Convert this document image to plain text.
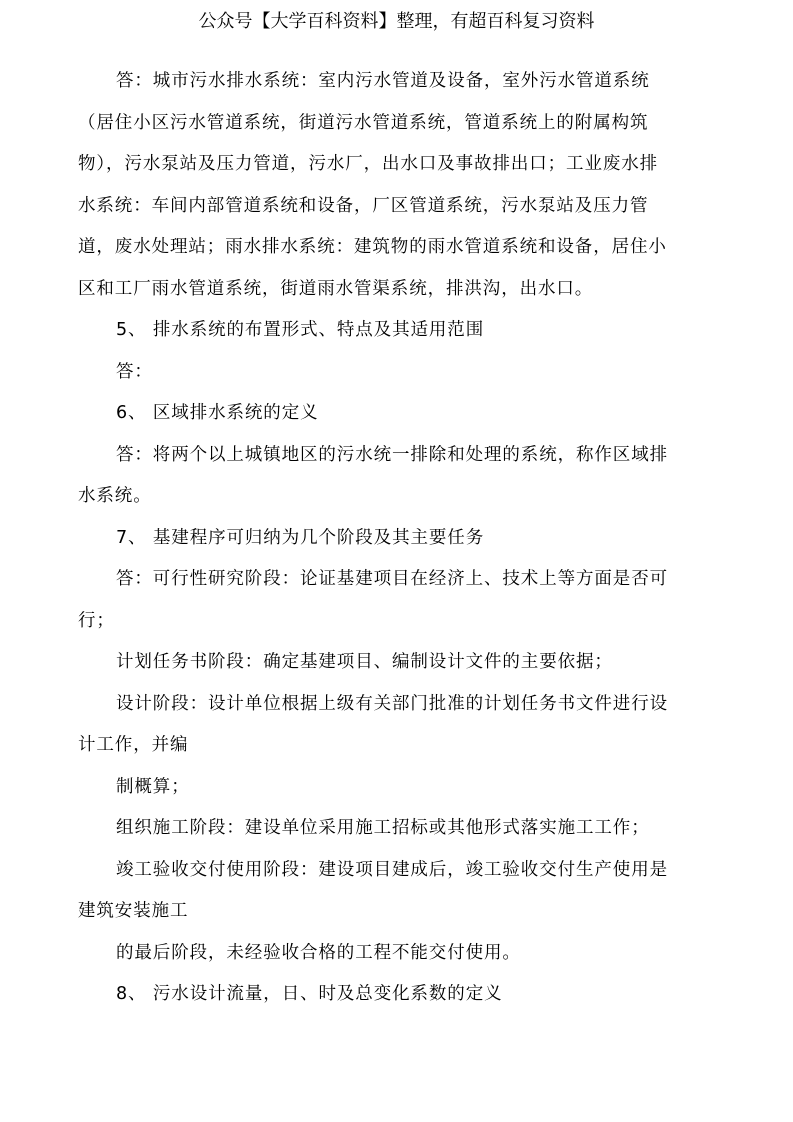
公众号【大学百科资料】整理，有超百科复习资料

答：城市污水排水系统：室内污水管道及设备，室外污水管道系统

（居住小区污水管道系统，街道污水管道系统，管道系统上的附属构筑

物），污水泵站及压力管道，污水厂，出水口及事故排出口；工业废水排

水系统：车间内部管道系统和设备，厂区管道系统，污水泵站及压力管

道，废水处理站；雨水排水系统：建筑物的雨水管道系统和设备，居住小

区和工厂雨水管道系统，街道雨水管渠系统，排洪沟，出水口。

5、 排水系统的布置形式、特点及其适用范围

答：

6、 区域排水系统的定义

答：将两个以上城镇地区的污水统一排除和处理的系统，称作区域排

水系统。

7、 基建程序可归纳为几个阶段及其主要任务

答：可行性研究阶段：论证基建项目在经济上、技术上等方面是否可

行；

计划任务书阶段：确定基建项目、编制设计文件的主要依据；

设计阶段：设计单位根据上级有关部门批准的计划任务书文件进行设

计工作，并编

制概算；

组织施工阶段：建设单位采用施工招标或其他形式落实施工工作；

竣工验收交付使用阶段：建设项目建成后，竣工验收交付生产使用是

建筑安装施工

的最后阶段，未经验收合格的工程不能交付使用。

8、 污水设计流量，日、时及总变化系数的定义
